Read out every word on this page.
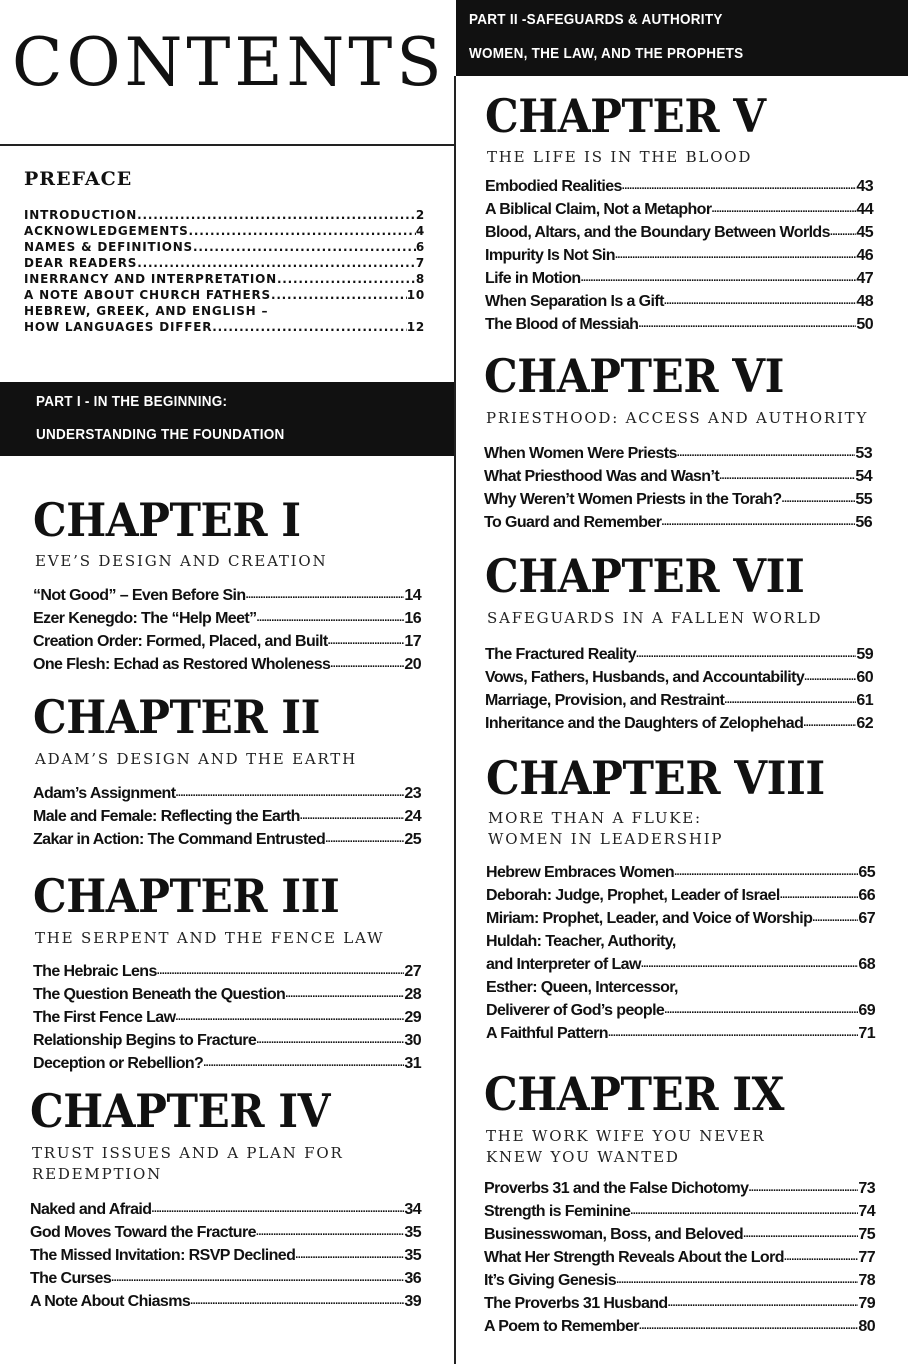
CONTENTS
PREFACE
INTRODUCTION .....	2
ACKNOWLEDGEMENTS .....	4
NAMES & DEFINITIONS .....	6
DEAR READERS .....	7
INERRANCY AND INTERPRETATION .....	8
A NOTE ABOUT CHURCH FATHERS .....	10
HEBREW, GREEK, AND ENGLISH –
HOW LANGUAGES DIFFER .....	12
PART I - IN THE BEGINNING:
UNDERSTANDING THE FOUNDATION
PART II -SAFEGUARDS & AUTHORITY
WOMEN, THE LAW, AND THE PROPHETS
CHAPTER I
EVE’S DESIGN AND CREATION
“Not Good” – Even Before Sin .....	14
Ezer Kenegdo: The “Help Meet” .....	16
Creation Order: Formed, Placed, and Built .....	17
One Flesh: Echad as Restored Wholeness .....	20
CHAPTER II
ADAM’S DESIGN AND THE EARTH
Adam’s Assignment .....	23
Male and Female: Reflecting the Earth .....	24
Zakar in Action: The Command Entrusted .....	25
CHAPTER III
THE SERPENT AND THE FENCE LAW
The Hebraic Lens .....	27
The Question Beneath the Question .....	28
The First Fence Law .....	29
Relationship Begins to Fracture .....	30
Deception or Rebellion? .....	31
CHAPTER IV
TRUST ISSUES AND A PLAN FOR
REDEMPTION
Naked and Afraid .....	34
God Moves Toward the Fracture .....	35
The Missed Invitation: RSVP Declined .....	35
The Curses .....	36
A Note About Chiasms .....	39
CHAPTER V
THE LIFE IS IN THE BLOOD
Embodied Realities .....	43
A Biblical Claim, Not a Metaphor .....	44
Blood, Altars, and the Boundary Between Worlds ..... 45
Impurity Is Not Sin .....	46
Life in Motion .....	47
When Separation Is a Gift .....	48
The Blood of Messiah .....	50
CHAPTER VI
PRIESTHOOD: ACCESS AND AUTHORITY
When Women Were Priests .....	53
What Priesthood Was and Wasn’t .....	54
Why Weren’t Women Priests in the Torah? .....	55
To Guard and Remember .....	56
CHAPTER VII
SAFEGUARDS IN A FALLEN WORLD
The Fractured Reality .....	59
Vows, Fathers, Husbands, and Accountability .....	60
Marriage, Provision, and Restraint .....	61
Inheritance and the Daughters of Zelophehad .....	62
CHAPTER VIII
MORE THAN A FLUKE:
WOMEN IN LEADERSHIP
Hebrew Embraces Women .....	65
Deborah: Judge, Prophet, Leader of Israel .....	66
Miriam: Prophet, Leader, and Voice of Worship .....	67
Huldah: Teacher, Authority,
and Interpreter of Law .....	68
Esther: Queen, Intercessor,
Deliverer of God’s people .....	69
A Faithful Pattern .....	71
CHAPTER IX
THE WORK WIFE YOU NEVER
KNEW YOU WANTED
Proverbs 31 and the False Dichotomy .....	73
Strength is Feminine .....	74
Businesswoman, Boss, and Beloved .....	75
What Her Strength Reveals About the Lord .....	77
It’s Giving Genesis .....	78
The Proverbs 31 Husband .....	79
A Poem to Remember .....	80
